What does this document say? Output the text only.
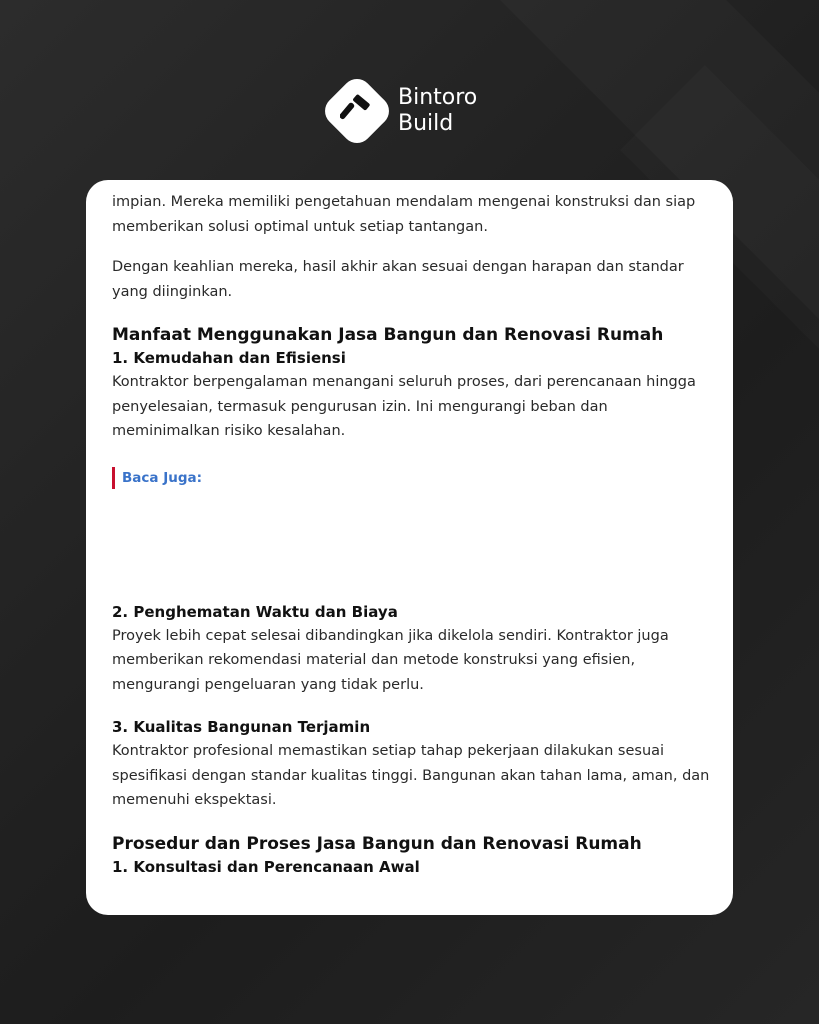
Bintoro
Build

impian. Mereka memiliki pengetahuan mendalam mengenai konstruksi dan siap memberikan solusi optimal untuk setiap tantangan.

Dengan keahlian mereka, hasil akhir akan sesuai dengan harapan dan standar yang diinginkan.

Manfaat Menggunakan Jasa Bangun dan Renovasi Rumah
1. Kemudahan dan Efisiensi

Kontraktor berpengalaman menangani seluruh proses, dari perencanaan hingga penyelesaian, termasuk pengurusan izin. Ini mengurangi beban dan meminimalkan risiko kesalahan.

Baca Juga:
2. Penghematan Waktu dan Biaya

Proyek lebih cepat selesai dibandingkan jika dikelola sendiri. Kontraktor juga memberikan rekomendasi material dan metode konstruksi yang efisien, mengurangi pengeluaran yang tidak perlu.

3. Kualitas Bangunan Terjamin

Kontraktor profesional memastikan setiap tahap pekerjaan dilakukan sesuai spesifikasi dengan standar kualitas tinggi. Bangunan akan tahan lama, aman, dan memenuhi ekspektasi.

Prosedur dan Proses Jasa Bangun dan Renovasi Rumah
1. Konsultasi dan Perencanaan Awal
